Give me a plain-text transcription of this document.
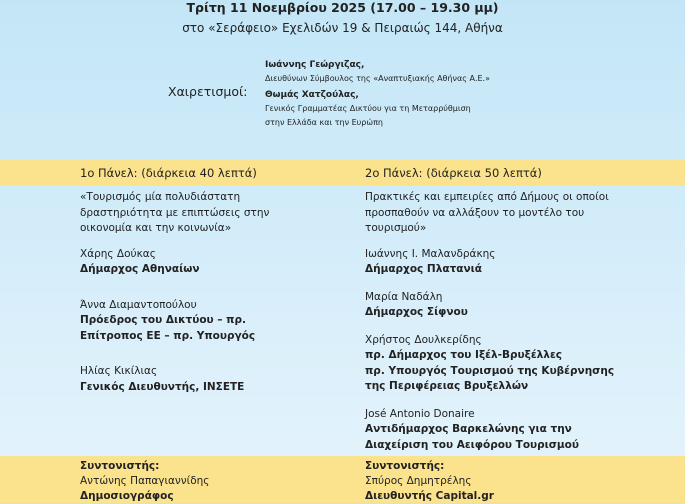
Τρίτη 11 Νοεμβρίου 2025 (17.00 – 19.30 μμ)
στο «Σεράφειο» Εχελιδών 19 & Πειραιώς 144, Αθήνα
Χαιρετισμοί:
Ιωάννης Γεώργιζας,
Διευθύνων Σύμβουλος της «Αναπτυξιακής Αθήνας Α.Ε.»
Θωμάς Χατζούλας,
Γενικός Γραμματέας Δικτύου για τη Μεταρρύθμιση
στην Ελλάδα και την Ευρώπη
1ο Πάνελ: (διάρκεια 40 λεπτά)	2ο Πάνελ: (διάρκεια 50 λεπτά)
«Τουρισμός μία πολυδιάστατη
δραστηριότητα με επιπτώσεις στην
οικονομία και την κοινωνία»
Χάρης Δούκας
Δήμαρχος Αθηναίων
Άννα Διαμαντοπούλου
Πρόεδρος του Δικτύου – πρ.
Επίτροπος ΕΕ – πρ. Υπουργός
Ηλίας Κικίλιας
Γενικός Διευθυντής, ΙΝΣΕΤΕ
Πρακτικές και εμπειρίες από Δήμους οι οποίοι
προσπαθούν να αλλάξουν το μοντέλο του
τουρισμού»
Ιωάννης Ι. Μαλανδράκης
Δήμαρχος Πλατανιά
Μαρία Ναδάλη
Δήμαρχος Σίφνου
Χρήστος Δουλκερίδης
πρ. Δήμαρχος του Ιξέλ-Βρυξέλλες
πρ. Υπουργός Τουρισμού της Κυβέρνησης
της Περιφέρειας Βρυξελλών
José Antonio Donaire
Αντιδήμαρχος Βαρκελώνης για την
Διαχείριση του Αειφόρου Τουρισμού
Συντονιστής:
Αντώνης Παπαγιαννίδης
Δημοσιογράφος
Συντονιστής:
Σπύρος Δημητρέλης
Διευθυντής Capital.gr
